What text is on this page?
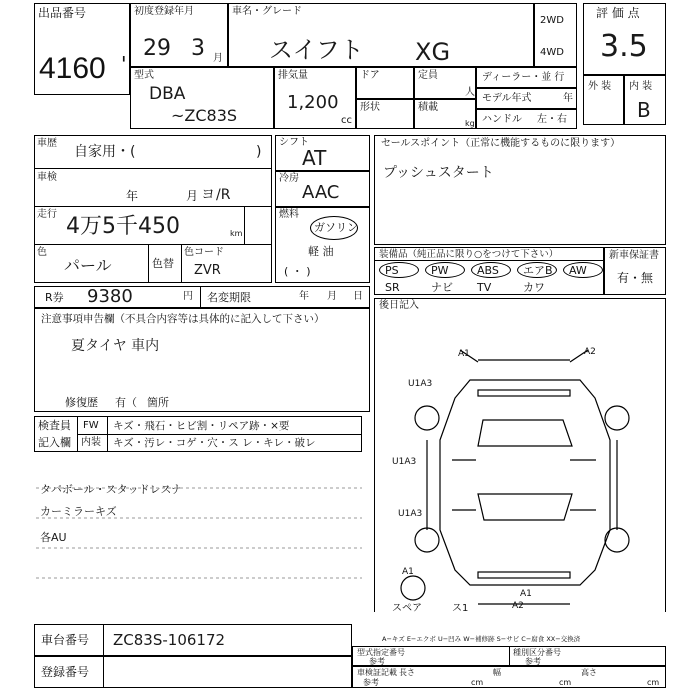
出品番号
4160 '
初度登録年月
29 3 月
車名・グレード
スイフト XG
2WD
4WD
評 価 点
3.5
外 装 内 装
B
型式
DBA
~ZC83S
排気量
1,200
cc
ドア
形状
定員
人
積載
kg
ディーラー・並 行
モデル年式	年
ハンドル 左・右
車歴
自家用・(	)
車検
年	月 ヨ /R
走行 4万5千450	km
色
パール	色替
色コード
ZVR
シフト
AT
冷房
AAC
燃料
ガソリン
軽 油
( ・ )
セールスポイント（正常に機能するものに限ります）
プッシュスタート
装備品（純正品に限り○をつけて下さい）
PS	PW	ABS エアB AW
SR	ナビ TV	カワ
新車保証書
有・無
R券 9380	円 名変期限	年 月 日
注意事項申告欄（不具合内容等は具体的に記入して下さい）
夏タイヤ 車内
修復歴 有（ 箇所
後日記入
検査員
記入欄
FW キズ・飛石・ヒビ割・リペア跡・×要
内装 キズ・汚レ・コゲ・穴・ス レ・キレ・破レ
タバボール・スタッドレスナ
カーミラーキズ
各AU
A1	A2
U1A3
U1A3
U1A3
A1
A1
A2
スペア	ス1
A−キズ E−エクボ U−凹み W−補修跡 S−サビ C−腐食 XX−交換済
車台番号 ZC83S-106172
登録番号
型式指定番号
参考
種別区分番号
参考
車検証記載
参考
長さ
cm
幅
cm
高さ
cm
